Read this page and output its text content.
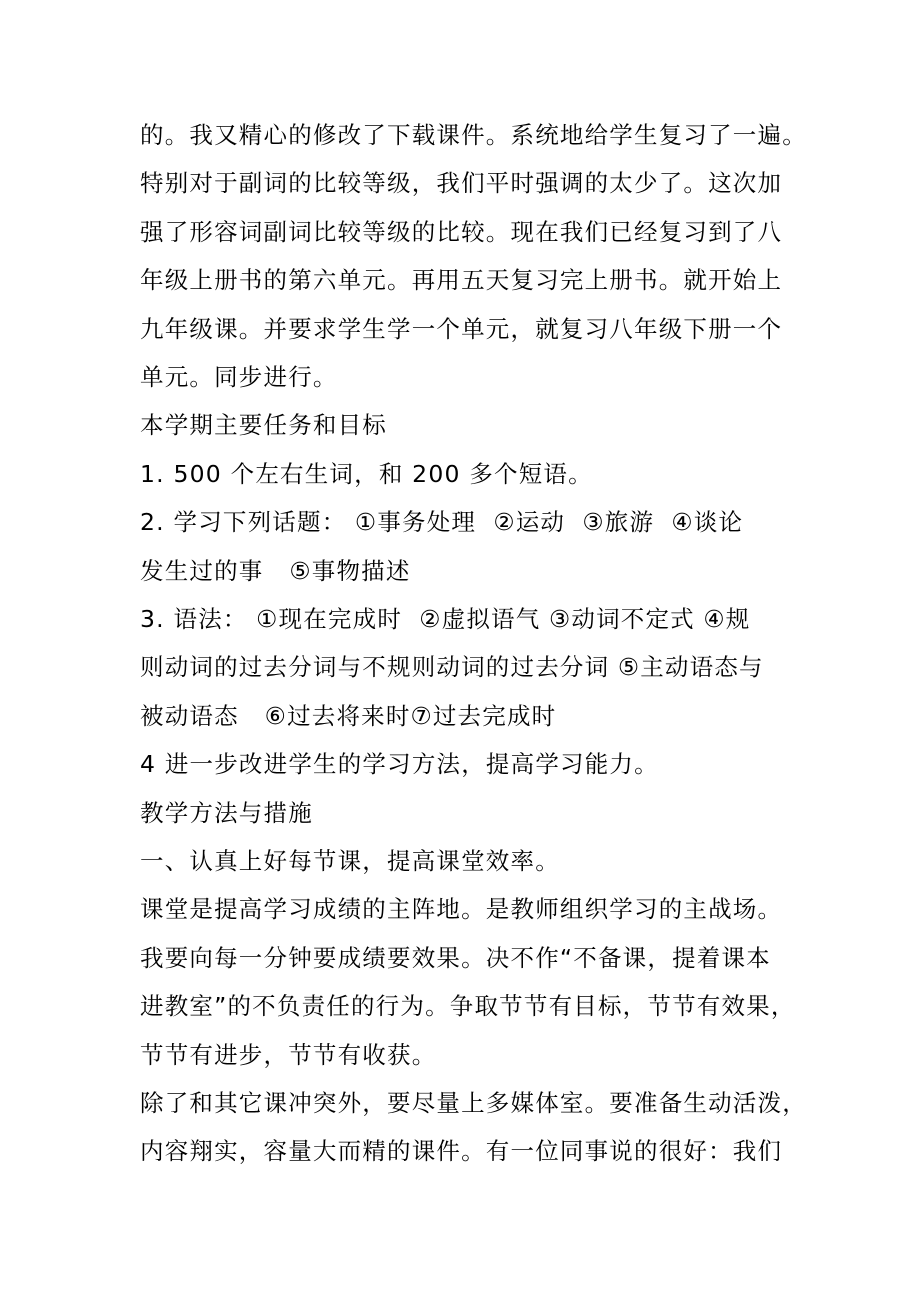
的。我又精心的修改了下载课件。系统地给学生复习了一遍。
特别对于副词的比较等级，我们平时强调的太少了。这次加
强了形容词副词比较等级的比较。现在我们已经复习到了八
年级上册书的第六单元。再用五天复习完上册书。就开始上
九年级课。并要求学生学一个单元，就复习八年级下册一个
单元。同步进行。
本学期主要任务和目标
1. 500 个左右生词，和 200 多个短语。
2. 学习下列话题： ①事务处理  ②运动  ③旅游  ④谈论
发生过的事   ⑤事物描述
3. 语法： ①现在完成时  ②虚拟语气 ③动词不定式 ④规
则动词的过去分词与不规则动词的过去分词 ⑤主动语态与
被动语态   ⑥过去将来时⑦过去完成时
4 进一步改进学生的学习方法，提高学习能力。
教学方法与措施
一、认真上好每节课，提高课堂效率。
课堂是提高学习成绩的主阵地。是教师组织学习的主战场。
我要向每一分钟要成绩要效果。决不作“不备课，提着课本
进教室”的不负责任的行为。争取节节有目标，节节有效果，
节节有进步，节节有收获。
除了和其它课冲突外，要尽量上多媒体室。要准备生动活泼，
内容翔实，容量大而精的课件。有一位同事说的很好：我们
